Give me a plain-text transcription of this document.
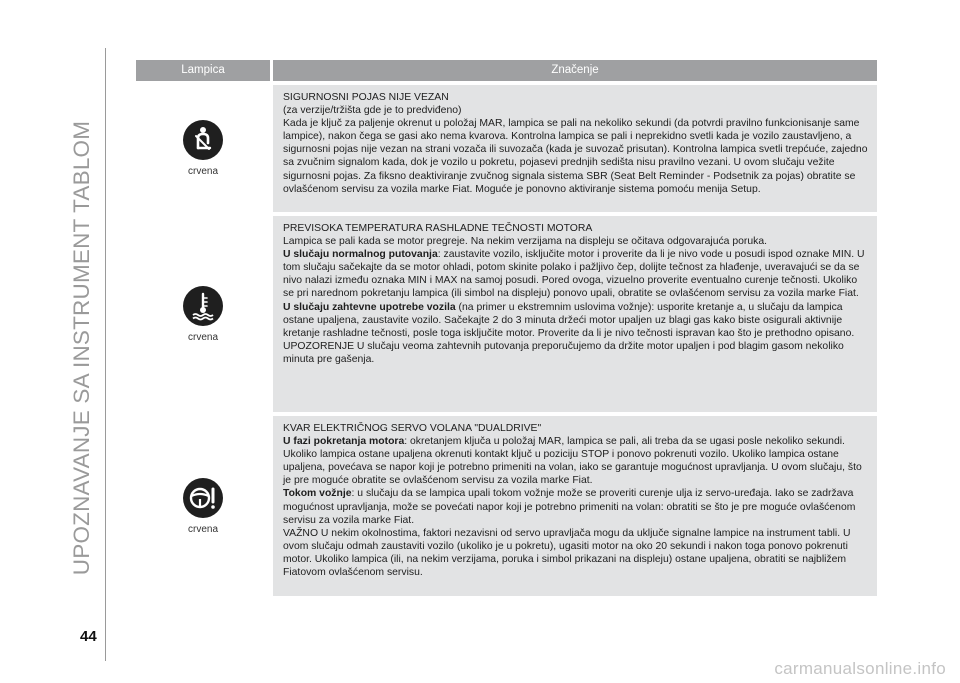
UPOZNAVANJE SA INSTRUMENT TABLOM
Lampica	Značenje
crvena

SIGURNOSNI POJAS NIJE VEZAN

(za verzije/tržišta gde je to predviđeno)

Kada je ključ za paljenje okrenut u položaj MAR, lampica se pali na nekoliko sekundi (da potvrdi pravilno funkcionisanje same lampice), nakon čega se gasi ako nema kvarova. Kontrolna lampica se pali i neprekidno svetli kada je vozilo zaustavljeno, a sigurnosni pojas nije vezan na strani vozača ili suvozača (kada je suvozač prisutan). Kontrolna lampica svetli trepćuće, zajedno sa zvučnim signalom kada, dok je vozilo u pokretu, pojasevi prednjih sedišta nisu pravilno vezani. U ovom slučaju vežite sigurnosni pojas. Za fiksno deaktiviranje zvučnog signala sistema SBR (Seat Belt Reminder - Podsetnik za pojas) obratite se ovlašćenom servisu za vozila marke Fiat. Moguće je ponovno aktiviranje sistema pomoću menija Setup.

crvena

PREVISOKA TEMPERATURA RASHLADNE TEČNOSTI MOTORA

Lampica se pali kada se motor pregreje. Na nekim verzijama na displeju se očitava odgovarajuća poruka.

U slučaju normalnog putovanja: zaustavite vozilo, isključite motor i proverite da li je nivo vode u posudi ispod oznake MIN. U tom slučaju sačekajte da se motor ohladi, potom skinite polako i pažljivo čep, dolijte tečnost za hlađenje, uveravajući se da se nivo nalazi između oznaka MIN i MAX na samoj posudi. Pored ovoga, vizuelno proverite eventualno curenje tečnosti. Ukoliko se pri narednom pokretanju lampica (ili simbol na displeju) ponovo upali, obratite se ovlašćenom servisu za vozila marke Fiat.

U slučaju zahtevne upotrebe vozila (na primer u ekstremnim uslovima vožnje): usporite kretanje a, u slučaju da lampica ostane upaljena, zaustavite vozilo. Sačekajte 2 do 3 minuta držeći motor upaljen uz blagi gas kako biste osigurali aktivnije kretanje rashladne tečnosti, posle toga isključite motor. Proverite da li je nivo tečnosti ispravan kao što je prethodno opisano.

UPOZORENJE U slučaju veoma zahtevnih putovanja preporučujemo da držite motor upaljen i pod blagim gasom nekoliko minuta pre gašenja.

crvena

KVAR ELEKTRIČNOG SERVO VOLANA "DUALDRIVE"

U fazi pokretanja motora: okretanjem ključa u položaj MAR, lampica se pali, ali treba da se ugasi posle nekoliko sekundi. Ukoliko lampica ostane upaljena okrenuti kontakt ključ u poziciju STOP i ponovo pokrenuti vozilo. Ukoliko lampica ostane upaljena, povećava se napor koji je potrebno primeniti na volan, iako se garantuje mogućnost upravljanja. U ovom slučaju, što je pre moguće obratite se ovlašćenom servisu za vozila marke Fiat.

Tokom vožnje: u slučaju da se lampica upali tokom vožnje može se proveriti curenje ulja iz servo-uređaja. Iako se zadržava mogućnost upravljanja, može se povećati napor koji je potrebno primeniti na volan: obratiti se što je pre moguće ovlašćenom servisu za vozila marke Fiat.

VAŽNO U nekim okolnostima, faktori nezavisni od servo upravljača mogu da uključe signalne lampice na instrument tabli. U ovom slučaju odmah zaustaviti vozilo (ukoliko je u pokretu), ugasiti motor na oko 20 sekundi i nakon toga ponovo pokrenuti motor. Ukoliko lampica (ili, na nekim verzijama, poruka i simbol prikazani na displeju) ostane upaljena, obratiti se najbližem Fiatovom ovlašćenom servisu.

44
carmanualsonline.info
